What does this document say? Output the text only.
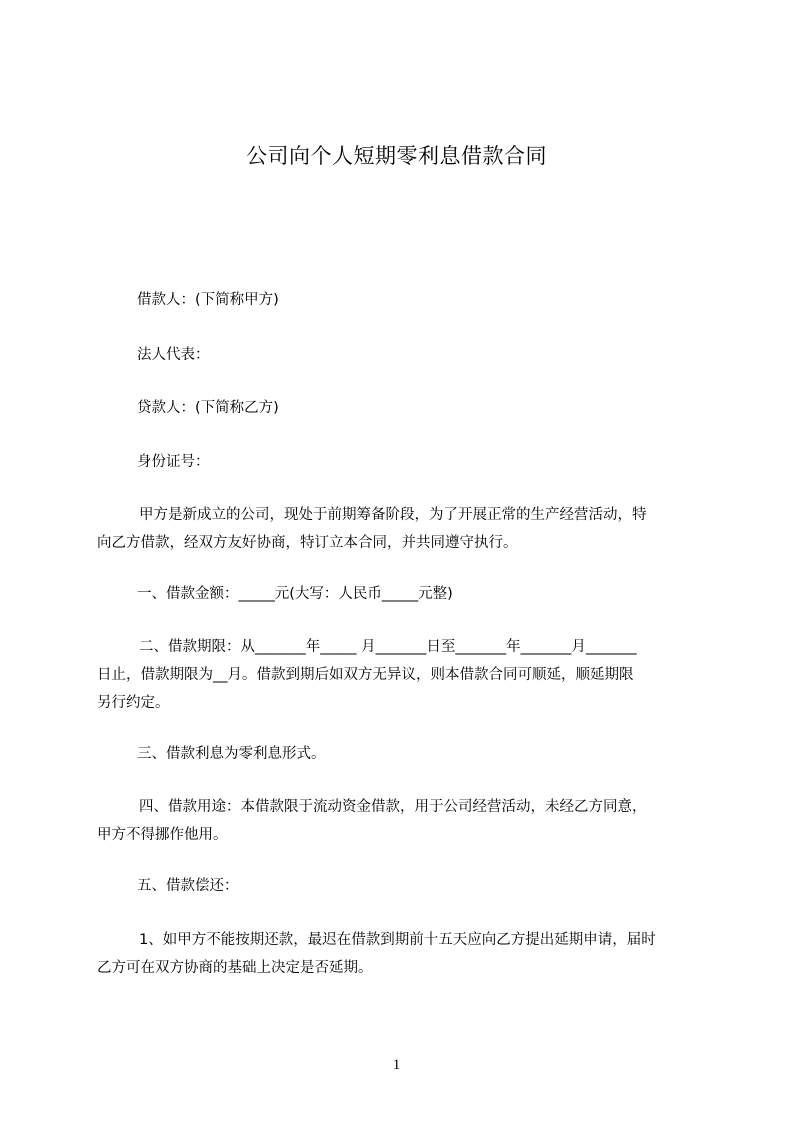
公司向个人短期零利息借款合同
借款人：(下简称甲方)
法人代表：
贷款人：(下简称乙方)
身份证号：
甲方是新成立的公司，现处于前期筹备阶段，为了开展正常的生产经营活动，特
向乙方借款，经双方友好协商，特订立本合同，并共同遵守执行。
一、借款金额：_____元(大写：人民币_____元整)
二、借款期限：从_______年_____ 月_______日至_______年_______月_______
日止，借款期限为__月。借款到期后如双方无异议，则本借款合同可顺延，顺延期限
另行约定。
三、借款利息为零利息形式。
四、借款用途：本借款限于流动资金借款，用于公司经营活动，未经乙方同意，
甲方不得挪作他用。
五、借款偿还：
1、如甲方不能按期还款，最迟在借款到期前十五天应向乙方提出延期申请，届时
乙方可在双方协商的基础上决定是否延期。
1
